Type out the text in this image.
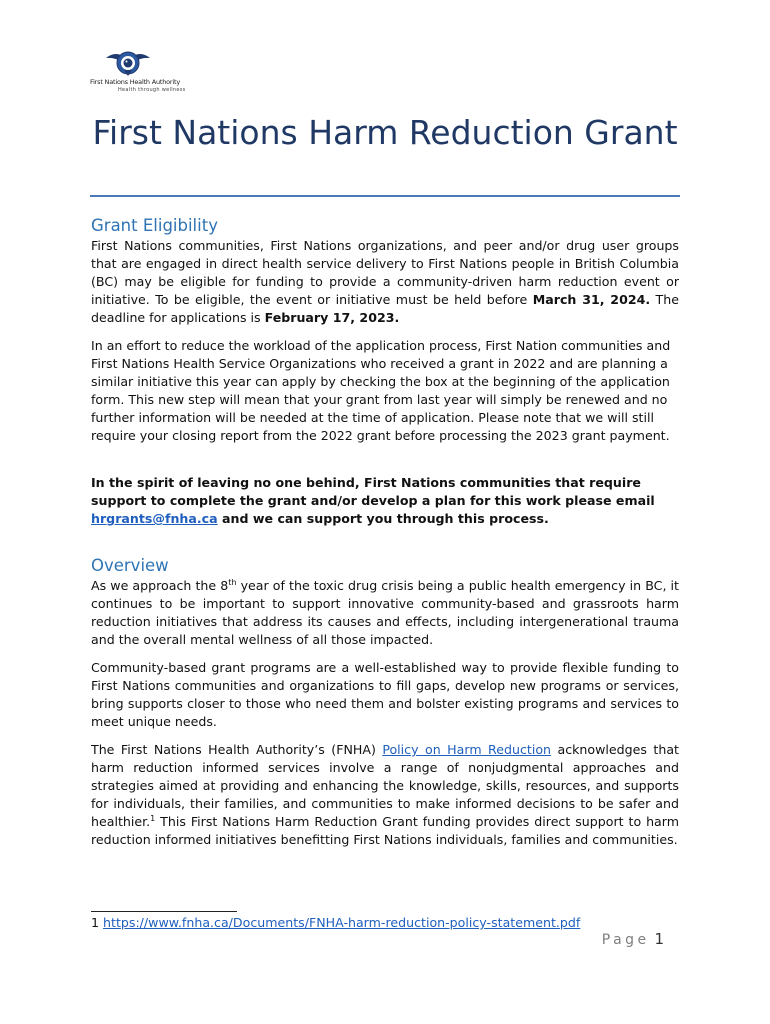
First Nations Health Authority
Health through wellness
First Nations Harm Reduction Grant
Grant Eligibility

First Nations communities, First Nations organizations, and peer and/or drug user groups that are engaged in direct health service delivery to First Nations people in British Columbia (BC) may be eligible for funding to provide a community-driven harm reduction event or initiative. To be eligible, the event or initiative must be held before March 31, 2024. The deadline for applications is February 17, 2023.

In an effort to reduce the workload of the application process, First Nation communities and First Nations Health Service Organizations who received a grant in 2022 and are planning a similar initiative this year can apply by checking the box at the beginning of the application form. This new step will mean that your grant from last year will simply be renewed and no further information will be needed at the time of application. Please note that we will still require your closing report from the 2022 grant before processing the 2023 grant payment.

In the spirit of leaving no one behind, First Nations communities that require support to complete the grant and/or develop a plan for this work please email hrgrants@fnha.ca and we can support you through this process.

Overview

As we approach the 8th year of the toxic drug crisis being a public health emergency in BC, it continues to be important to support innovative community-based and grassroots harm reduction initiatives that address its causes and effects, including intergenerational trauma and the overall mental wellness of all those impacted.

Community-based grant programs are a well-established way to provide flexible funding to First Nations communities and organizations to fill gaps, develop new programs or services, bring supports closer to those who need them and bolster existing programs and services to meet unique needs.

The First Nations Health Authority’s (FNHA) Policy on Harm Reduction acknowledges that harm reduction informed services involve a range of nonjudgmental approaches and strategies aimed at providing and enhancing the knowledge, skills, resources, and supports for individuals, their families, and communities to make informed decisions to be safer and healthier.$^1$ This First Nations Harm Reduction Grant funding provides direct support to harm reduction informed initiatives benefitting First Nations individuals, families and communities.

1 https://www.fnha.ca/Documents/FNHA-harm-reduction-policy-statement.pdf
Page 1
